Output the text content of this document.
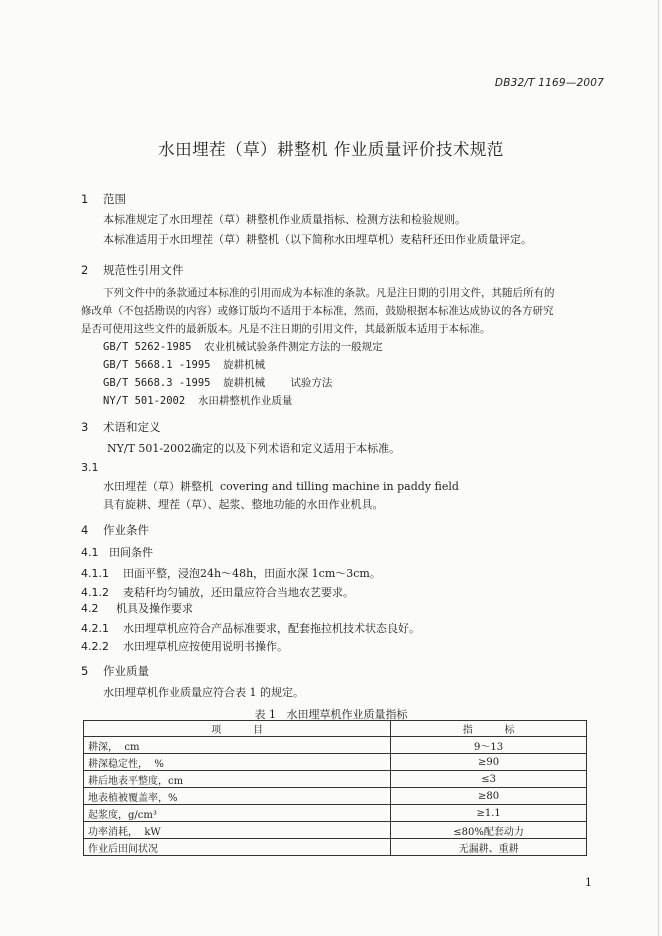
DB32/T 1169—2007
水田埋茬（草）耕整机 作业质量评价技术规范
1 范围
本标准规定了水田埋茬（草）耕整机作业质量指标、检测方法和检验规则。
本标准适用于水田埋茬（草）耕整机（以下简称水田埋草机）麦秸秆还田作业质量评定。
2 规范性引用文件
下列文件中的条款通过本标准的引用而成为本标准的条款。凡是注日期的引用文件，其随后所有的
修改单（不包括勘误的内容）或修订版均不适用于本标准，然而，鼓励根据本标准达成协议的各方研究
是否可使用这些文件的最新版本。凡是不注日期的引用文件，其最新版本适用于本标准。
GB/T 5262-1985  农业机械试验条件测定方法的一般规定
GB/T 5668.1 -1995  旋耕机械
GB/T 5668.3 -1995  旋耕机械    试验方法
NY/T 501-2002  水田耕整机作业质量
3 术语和定义
NY/T 501-2002确定的以及下列术语和定义适用于本标准。
3.1
水田埋茬（草）耕整机  covering and tilling machine in paddy field
具有旋耕、埋茬（草）、起浆、整地功能的水田作业机具。
4 作业条件
4.1   田间条件
4.1.1 田面平整，浸泡24h～48h，田面水深 1cm～3cm。
4.1.2 麦秸秆均匀铺放，还田量应符合当地农艺要求。
4.2     机具及操作要求
4.2.1 水田埋草机应符合产品标准要求，配套拖拉机技术状态良好。
4.2.2 水田埋草机应按使用说明书操作。
5 作业质量
水田埋草机作业质量应符合表 1 的规定。
表 1   水田埋草机作业质量指标
项          目	指          标
耕深，  cm	9～13
耕深稳定性，  %	≥90
耕后地表平整度，cm	≤3
地表植被覆盖率，%	≥80
起浆度，g/cm³	≥1.1
功率消耗，  kW	≤80%配套动力
作业后田间状况	无漏耕、重耕
1
